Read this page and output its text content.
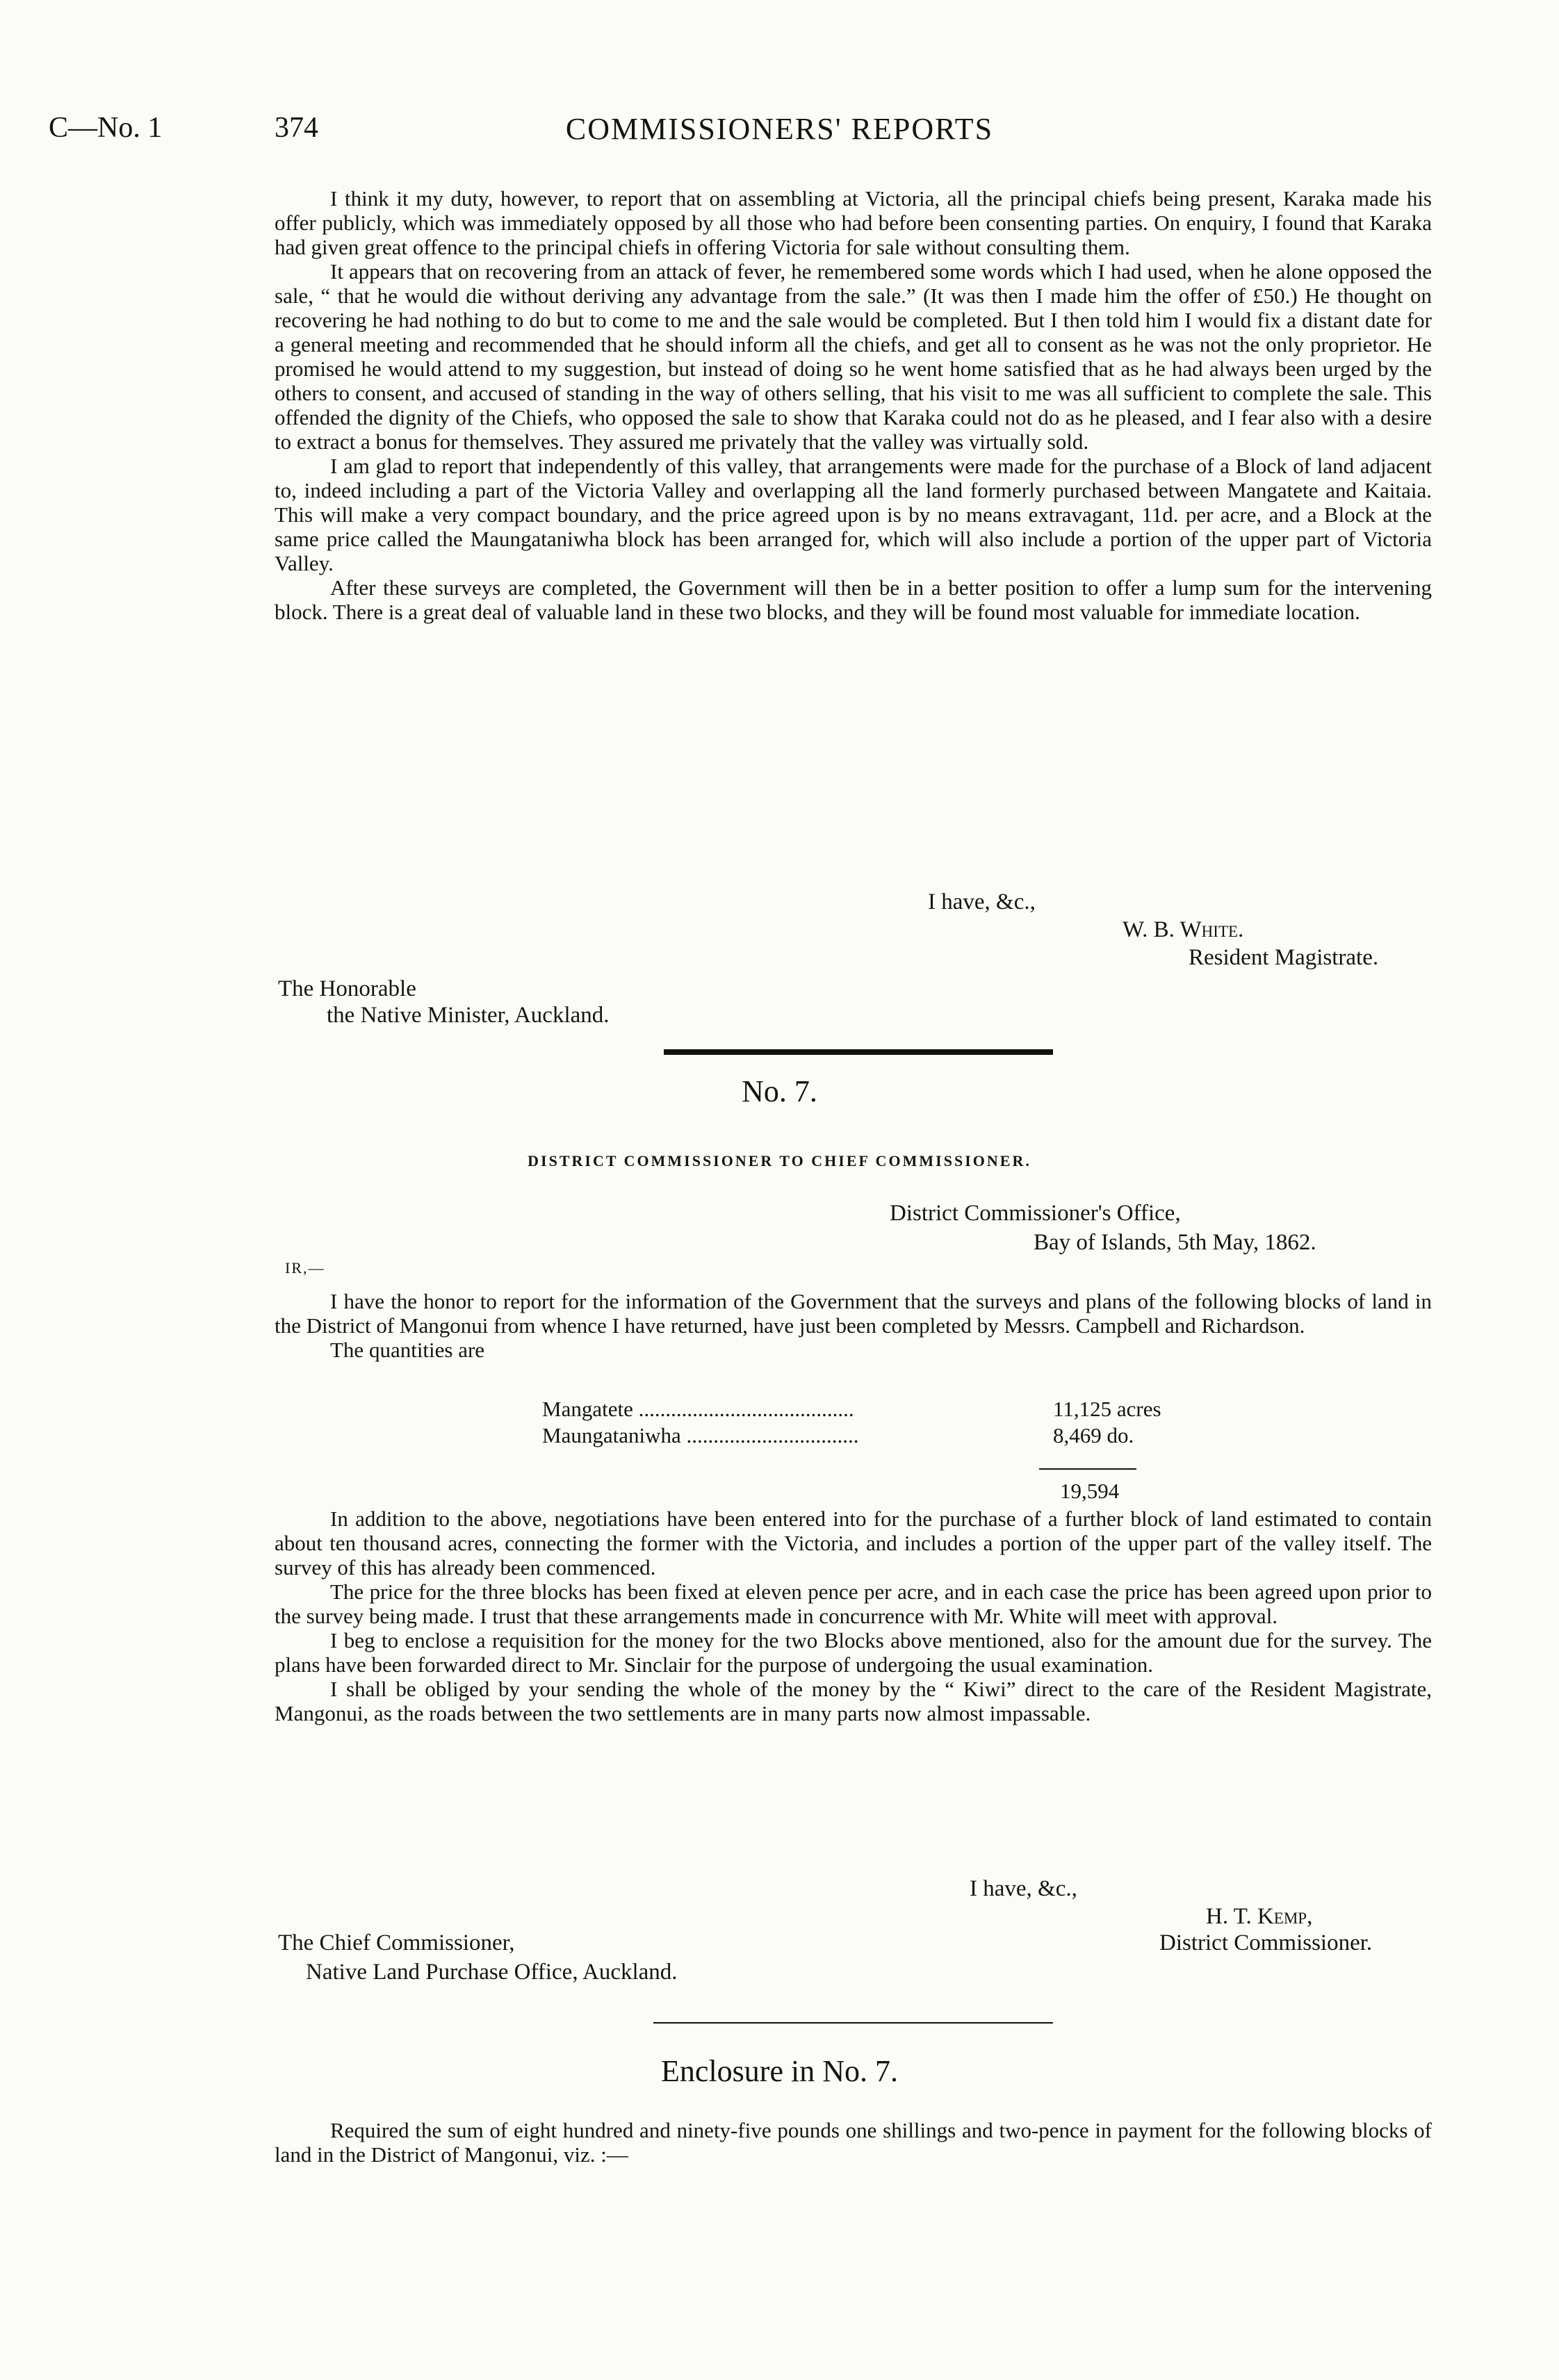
C—No. 1	374	COMMISSIONERS' REPORTS

I think it my duty, however, to report that on assembling at Victoria, all the principal chiefs being present, Karaka made his offer publicly, which was immediately opposed by all those who had before been consenting parties. On enquiry, I found that Karaka had given great offence to the principal chiefs in offering Victoria for sale without consulting them.

It appears that on recovering from an attack of fever, he remembered some words which I had used, when he alone opposed the sale, “ that he would die without deriving any advantage from the sale.” (It was then I made him the offer of £50.) He thought on recovering he had nothing to do but to come to me and the sale would be completed. But I then told him I would fix a distant date for a general meeting and recommended that he should inform all the chiefs, and get all to consent as he was not the only proprietor. He promised he would attend to my suggestion, but instead of doing so he went home satisfied that as he had always been urged by the others to consent, and accused of standing in the way of others selling, that his visit to me was all sufficient to complete the sale. This offended the dignity of the Chiefs, who opposed the sale to show that Karaka could not do as he pleased, and I fear also with a desire to extract a bonus for themselves. They assured me privately that the valley was virtually sold.

I am glad to report that independently of this valley, that arrangements were made for the purchase of a Block of land adjacent to, indeed including a part of the Victoria Valley and overlapping all the land formerly purchased between Mangatete and Kaitaia. This will make a very compact boundary, and the price agreed upon is by no means extravagant, 11d. per acre, and a Block at the same price called the Maungataniwha block has been arranged for, which will also include a portion of the upper part of Victoria Valley.

After these surveys are completed, the Government will then be in a better position to offer a lump sum for the intervening block. There is a great deal of valuable land in these two blocks, and they will be found most valuable for immediate location.

I have, &c.,
W. B. White.
Resident Magistrate.
The Honorable
the Native Minister, Auckland.
No. 7.
DISTRICT COMMISSIONER TO CHIEF COMMISSIONER.
District Commissioner's Office,
Bay of Islands, 5th May, 1862.
IR,—

I have the honor to report for the information of the Government that the surveys and plans of the following blocks of land in the District of Mangonui from whence I have returned, have just been completed by Messrs. Campbell and Richardson.

The quantities are

Mangatete ........................................	11,125 acres
Maungataniwha ................................	8,469 do.
19,594

In addition to the above, negotiations have been entered into for the purchase of a further block of land estimated to contain about ten thousand acres, connecting the former with the Victoria, and includes a portion of the upper part of the valley itself. The survey of this has already been commenced.

The price for the three blocks has been fixed at eleven pence per acre, and in each case the price has been agreed upon prior to the survey being made. I trust that these arrangements made in concurrence with Mr. White will meet with approval.

I beg to enclose a requisition for the money for the two Blocks above mentioned, also for the amount due for the survey. The plans have been forwarded direct to Mr. Sinclair for the purpose of undergoing the usual examination.

I shall be obliged by your sending the whole of the money by the “ Kiwi” direct to the care of the Resident Magistrate, Mangonui, as the roads between the two settlements are in many parts now almost impassable.

I have, &c.,
H. T. Kemp,
District Commissioner.
The Chief Commissioner,
Native Land Purchase Office, Auckland.
Enclosure in No. 7.

Required the sum of eight hundred and ninety-five pounds one shillings and two-pence in payment for the following blocks of land in the District of Mangonui, viz. :—
